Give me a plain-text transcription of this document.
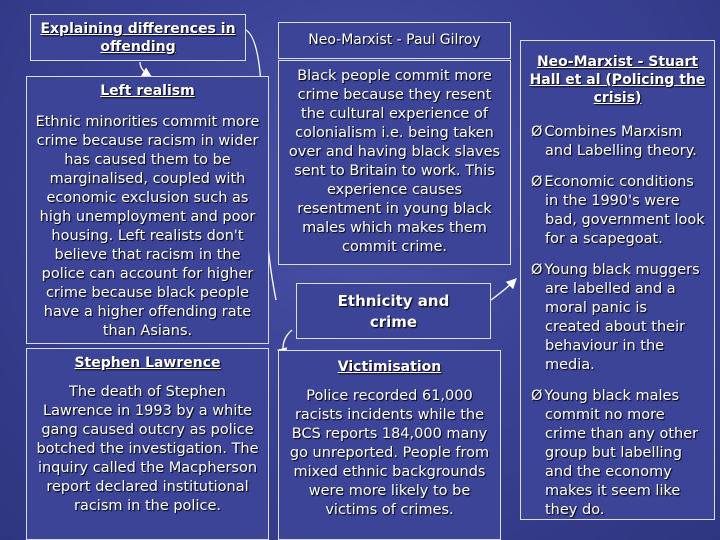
Explaining differences in offending
Left realism
Ethnic minorities commit more crime because racism in wider has caused them to be marginalised, coupled with economic exclusion such as high unemployment and poor housing. Left realists don't believe that racism in the police can account for higher crime because black people have a higher offending rate than Asians.
Stephen Lawrence
The death of Stephen Lawrence in 1993 by a white gang caused outcry as police botched the investigation. The inquiry called the Macpherson report declared institutional racism in the police.
Neo-Marxist - Paul Gilroy
Black people commit more crime because they resent the cultural experience of colonialism i.e. being taken over and having black slaves sent to Britain to work. This experience causes resentment in young black males which makes them commit crime.
Ethnicity and crime
Victimisation
Police recorded 61,000 racists incidents while the BCS reports 184,000 many go unreported. People from mixed ethnic backgrounds were more likely to be victims of crimes.
Neo-Marxist - Stuart Hall et al (Policing the crisis)

Ø Combines Marxism and Labelling theory.

Ø Economic conditions in the 1990's were bad, government look for a scapegoat.

Ø Young black muggers are labelled and a moral panic is created about their behaviour in the media.

Ø Young black males commit no more crime than any other group but labelling and the economy makes it seem like they do.
